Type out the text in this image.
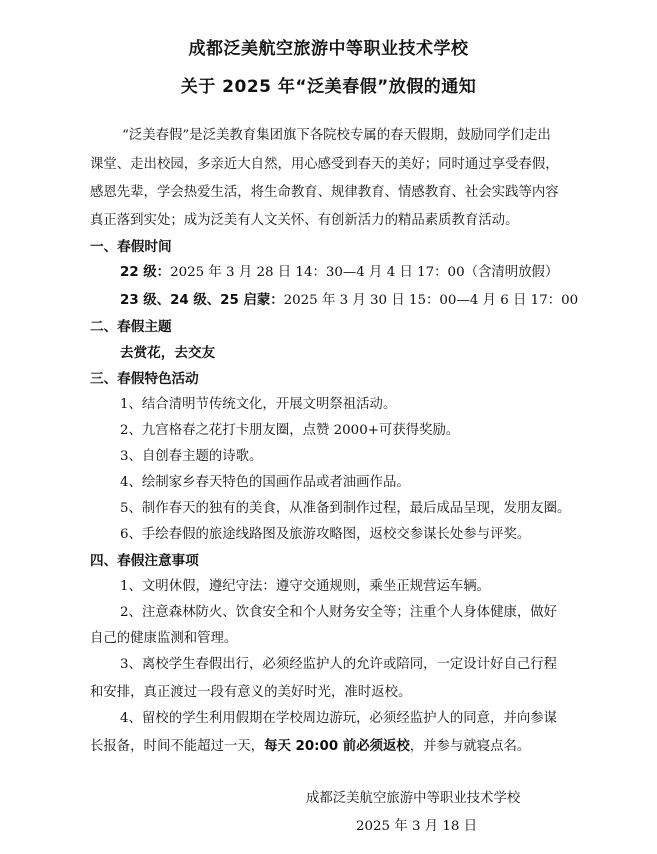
成都泛美航空旅游中等职业技术学校
关于 2025 年“泛美春假”放假的通知
“泛美春假”是泛美教育集团旗下各院校专属的春天假期，鼓励同学们走出
课堂、走出校园，多亲近大自然，用心感受到春天的美好；同时通过享受春假，
感恩先辈，学会热爱生活，将生命教育、规律教育、情感教育、社会实践等内容
真正落到实处；成为泛美有人文关怀、有创新活力的精品素质教育活动。
一、春假时间
22 级：2025 年 3 月 28 日 14：30—4 月 4 日 17：00（含清明放假）
23 级、24 级、25 启蒙：2025 年 3 月 30 日 15：00—4 月 6 日 17：00
二、春假主题
去赏花，去交友
三、春假特色活动
1、结合清明节传统文化，开展文明祭祖活动。
2、九宫格春之花打卡朋友圈，点赞 2000+可获得奖励。
3、自创春主题的诗歌。
4、绘制家乡春天特色的国画作品或者油画作品。
5、制作春天的独有的美食，从准备到制作过程，最后成品呈现，发朋友圈。
6、手绘春假的旅途线路图及旅游攻略图，返校交参谋长处参与评奖。
四、春假注意事项
1、文明休假，遵纪守法：遵守交通规则，乘坐正规营运车辆。
2、注意森林防火、饮食安全和个人财务安全等；注重个人身体健康，做好
自己的健康监测和管理。
3、离校学生春假出行，必须经监护人的允许或陪同，一定设计好自己行程
和安排，真正渡过一段有意义的美好时光，准时返校。
4、留校的学生利用假期在学校周边游玩，必须经监护人的同意，并向参谋
长报备，时间不能超过一天，每天 20:00 前必须返校，并参与就寝点名。
成都泛美航空旅游中等职业技术学校
2025 年 3 月 18 日
